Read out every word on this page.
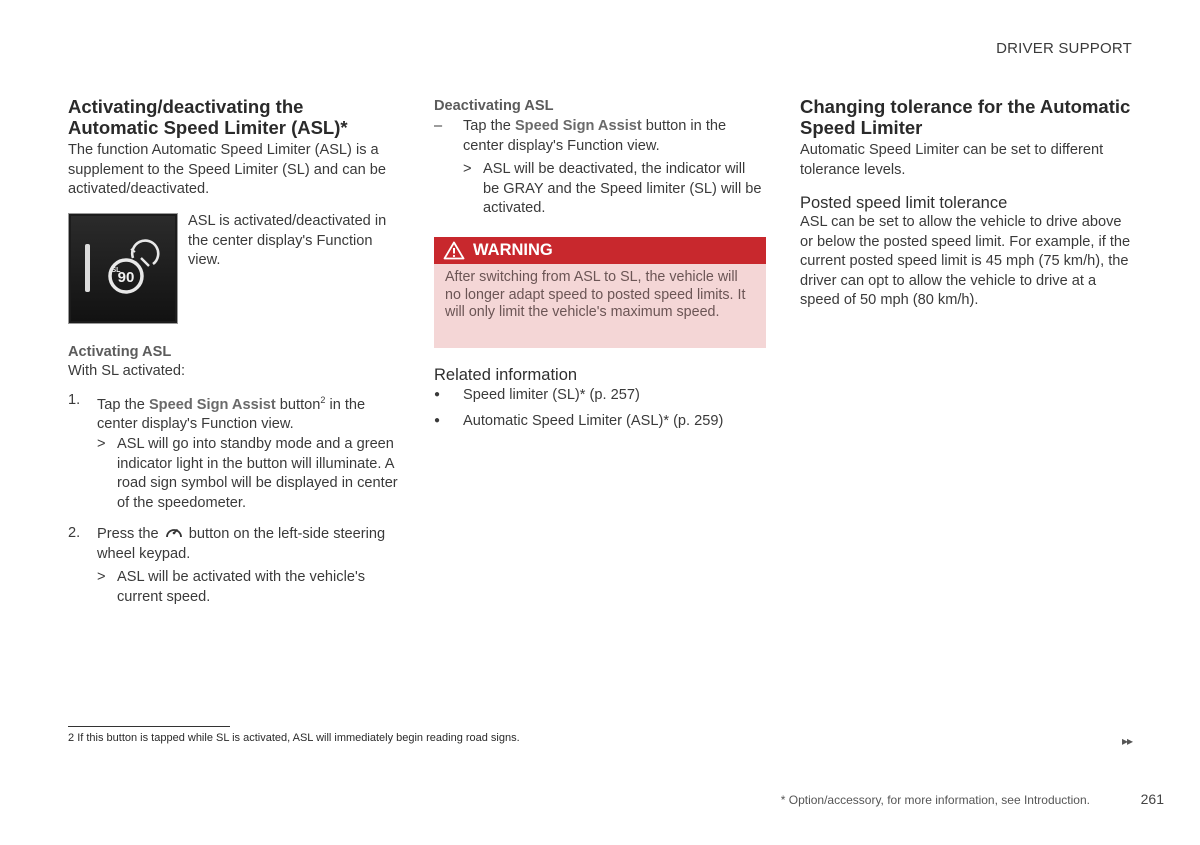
DRIVER SUPPORT
Activating/deactivating the Automatic Speed Limiter (ASL)*

The function Automatic Speed Limiter (ASL) is a supplement to the Speed Limiter (SL) and can be activated/deactivated.

90
SL

ASL is activated/deactivated in the center display's Function view.

Activating ASL

With SL activated:

1. Tap the Speed Sign Assist button$^2$ in the center display's Function view.

> ASL will go into standby mode and a green indicator light in the button will illuminate. A road sign symbol will be displayed in center of the speedometer.

2. Press the button on the left-side steering wheel keypad.

> ASL will be activated with the vehicle's current speed.

Deactivating ASL
– Tap the Speed Sign Assist button in the center display's Function view.

> ASL will be deactivated, the indicator will be GRAY and the Speed limiter (SL) will be activated.

WARNING
After switching from ASL to SL, the vehicle will no longer adapt speed to posted speed limits. It will only limit the vehicle's maximum speed.
Related information
● Speed limiter (SL)* (p. 257)

● Automatic Speed Limiter (ASL)* (p. 259)

Changing tolerance for the Automatic Speed Limiter

Automatic Speed Limiter can be set to different tolerance levels.

Posted speed limit tolerance

ASL can be set to allow the vehicle to drive above or below the posted speed limit. For example, if the current posted speed limit is 45 mph (75 km/h), the driver can opt to allow the vehicle to drive at a speed of 50 mph (80 km/h).

2 If this button is tapped while SL is activated, ASL will immediately begin reading road signs.	▸▸
* Option/accessory, for more information, see Introduction.	261
